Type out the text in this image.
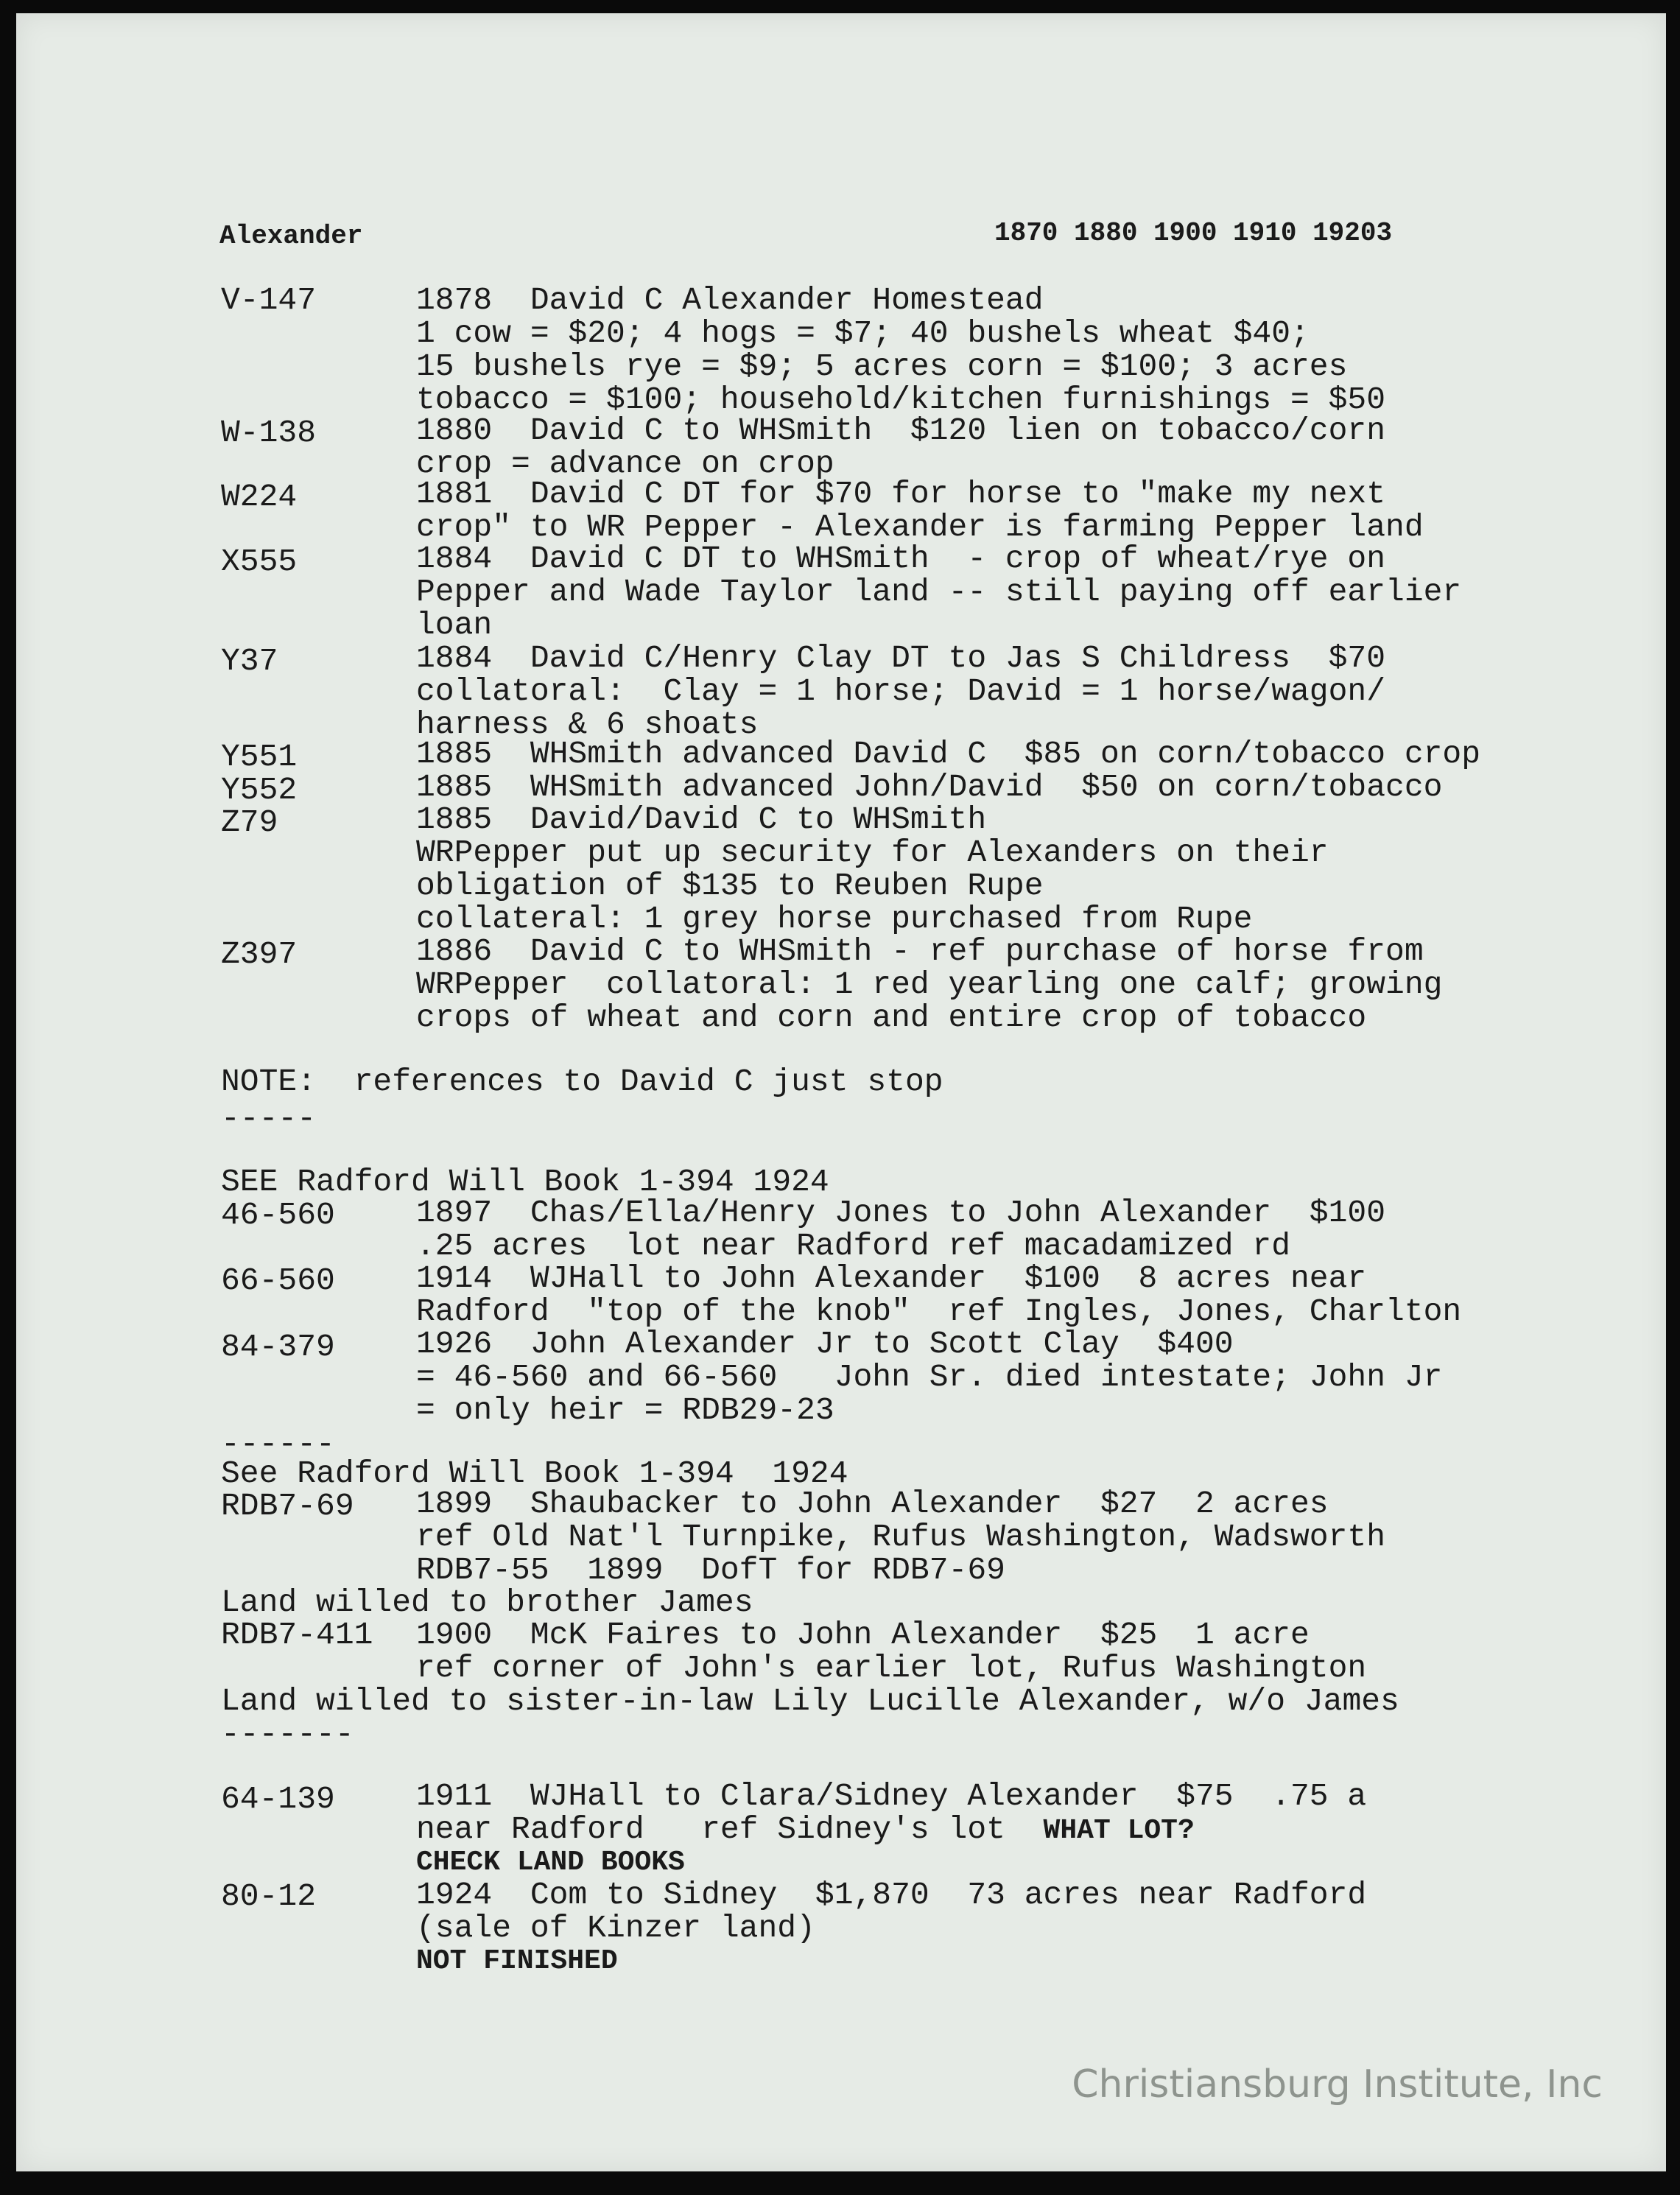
Alexander	1870 1880 1900 1910 19203
V-147	1878  David C Alexander Homestead
1 cow = $20; 4 hogs = $7; 40 bushels wheat $40;
15 bushels rye = $9; 5 acres corn = $100; 3 acres
tobacco = $100; household/kitchen furnishings = $50
W-138	1880  David C to WHSmith  $120 lien on tobacco/corn
crop = advance on crop
W224	1881  David C DT for $70 for horse to "make my next
crop" to WR Pepper - Alexander is farming Pepper land
X555	1884  David C DT to WHSmith  - crop of wheat/rye on
Pepper and Wade Taylor land -- still paying off earlier
loan
Y37	1884  David C/Henry Clay DT to Jas S Childress  $70
collatoral:  Clay = 1 horse; David = 1 horse/wagon/
harness & 6 shoats
Y551	1885  WHSmith advanced David C  $85 on corn/tobacco crop
Y552	1885  WHSmith advanced John/David  $50 on corn/tobacco
Z79	1885  David/David C to WHSmith
WRPepper put up security for Alexanders on their
obligation of $135 to Reuben Rupe
collateral: 1 grey horse purchased from Rupe
Z397	1886  David C to WHSmith - ref purchase of horse from
WRPepper  collatoral: 1 red yearling one calf; growing
crops of wheat and corn and entire crop of tobacco
NOTE:  references to David C just stop
-----
SEE Radford Will Book 1-394 1924
46-560	1897  Chas/Ella/Henry Jones to John Alexander  $100
.25 acres  lot near Radford ref macadamized rd
66-560	1914  WJHall to John Alexander  $100  8 acres near
Radford  "top of the knob"  ref Ingles, Jones, Charlton
84-379	1926  John Alexander Jr to Scott Clay  $400
= 46-560 and 66-560   John Sr. died intestate; John Jr
= only heir = RDB29-23
------
See Radford Will Book 1-394  1924
RDB7-69 1899  Shaubacker to John Alexander  $27  2 acres
ref Old Nat'l Turnpike, Rufus Washington, Wadsworth
RDB7-55  1899  DofT for RDB7-69
Land willed to brother James
RDB7-411 1900  McK Faires to John Alexander  $25  1 acre
ref corner of John's earlier lot, Rufus Washington
Land willed to sister-in-law Lily Lucille Alexander, w/o James
-------
64-139	1911  WJHall to Clara/Sidney Alexander  $75  .75 a
near Radford   ref Sidney's lot WHAT LOT?
CHECK LAND BOOKS
80-12	1924  Com to Sidney  $1,870  73 acres near Radford
(sale of Kinzer land)
NOT FINISHED
Christiansburg Institute, Inc
